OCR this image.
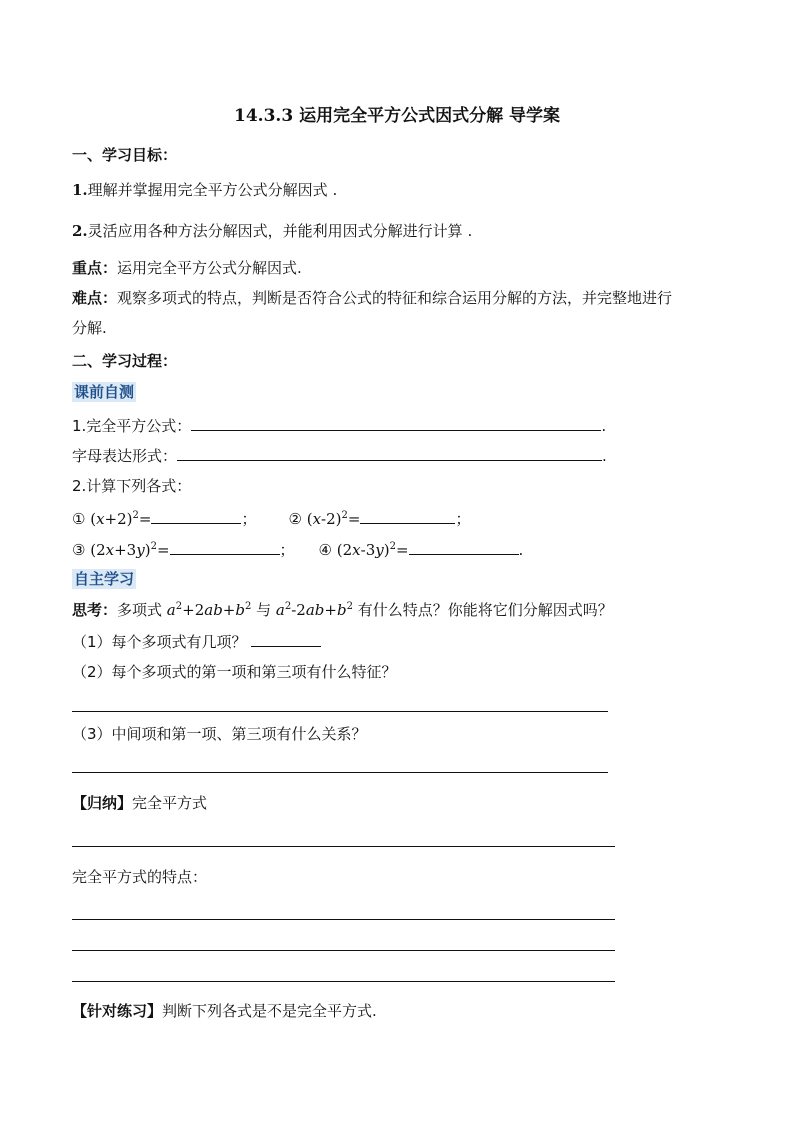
14.3.3 运用完全平方公式因式分解 导学案
一、学习目标：
1.理解并掌握用完全平方公式分解因式 .
2.灵活应用各种方法分解因式，并能利用因式分解进行计算 .
重点：运用完全平方公式分解因式.
难点：观察多项式的特点，判断是否符合公式的特征和综合运用分解的方法，并完整地进行
分解.
二、学习过程：
课前自测
1.完全平方公式：	.
字母表达形式：	.
2.计算下列各式：
① $(x+2)^2=$	； ② $(x-2)^2=$	；
③ $(2x+3y)^2=$	； ④ $(2x-3y)^2=$	.
自主学习
思考：多项式 $a^2+2ab+b^2$ 与 $a^2-2ab+b^2$ 有什么特点？你能将它们分解因式吗？
（1）每个多项式有几项？
（2）每个多项式的第一项和第三项有什么特征？
（3）中间项和第一项、第三项有什么关系？
【归纳】完全平方式
完全平方式的特点：
【针对练习】判断下列各式是不是完全平方式.
